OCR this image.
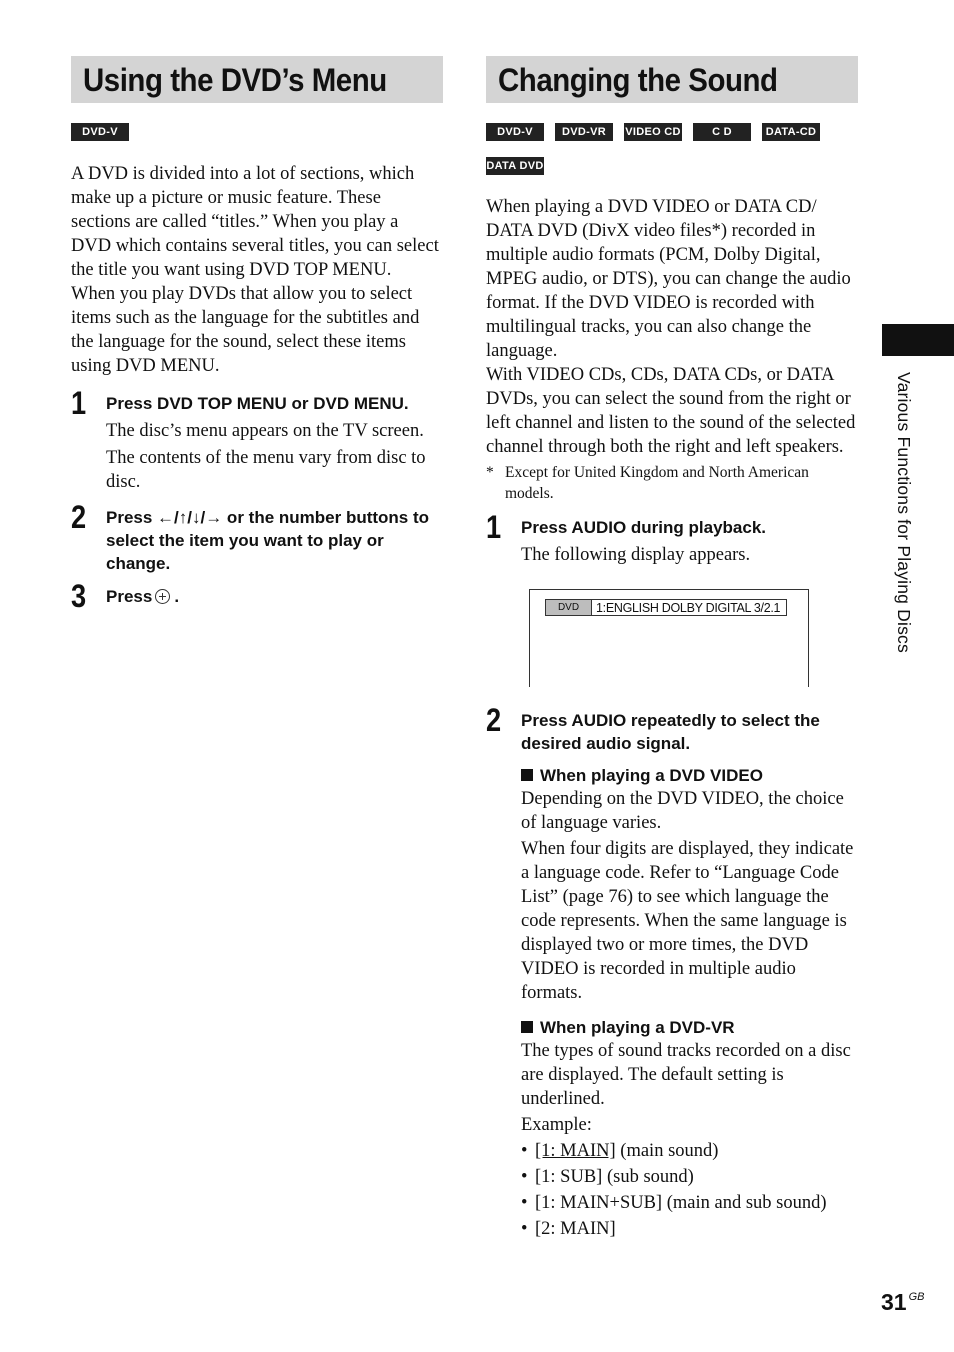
Using the DVD’s Menu
DVD-V

A DVD is divided into a lot of sections, which make up a picture or music feature. These sections are called “titles.” When you play a DVD which contains several titles, you can select the title you want using DVD TOP MENU.

When you play DVDs that allow you to select items such as the language for the subtitles and the language for the sound, select these items using DVD MENU.

1 Press DVD TOP MENU or DVD MENU.

The disc’s menu appears on the TV screen.

The contents of the menu vary from disc to disc.

2 Press ←/↑/↓/→ or the number buttons to select the item you want to play or change.

3 Press .

Changing the Sound
DVD-V	DVD-VR	VIDEO CD	C D	DATA-CD
DATA DVD

When playing a DVD VIDEO or DATA CD/ DATA DVD (DivX video files*) recorded in multiple audio formats (PCM, Dolby Digital, MPEG audio, or DTS), you can change the audio format. If the DVD VIDEO is recorded with multilingual tracks, you can also change the language.

With VIDEO CDs, CDs, DATA CDs, or DATA DVDs, you can select the sound from the right or left channel and listen to the sound of the selected channel through both the right and left speakers.

* Except for United Kingdom and North American models.

1 Press AUDIO during playback.

The following display appears.

DVD	1:ENGLISH DOLBY DIGITAL 3/2.1
2 Press AUDIO repeatedly to select the desired audio signal.

When playing a DVD VIDEO

Depending on the DVD VIDEO, the choice of language varies.

When four digits are displayed, they indicate a language code. Refer to “Language Code List” (page 76) to see which language the code represents. When the same language is displayed two or more times, the DVD VIDEO is recorded in multiple audio formats.

When playing a DVD-VR

The types of sound tracks recorded on a disc are displayed. The default setting is underlined.

Example:

• [1: MAIN] (main sound)

• [1: SUB] (sub sound)

• [1: MAIN+SUB] (main and sub sound)

• [2: MAIN]

Various Functions for Playing Discs
31 $^{GB}$
